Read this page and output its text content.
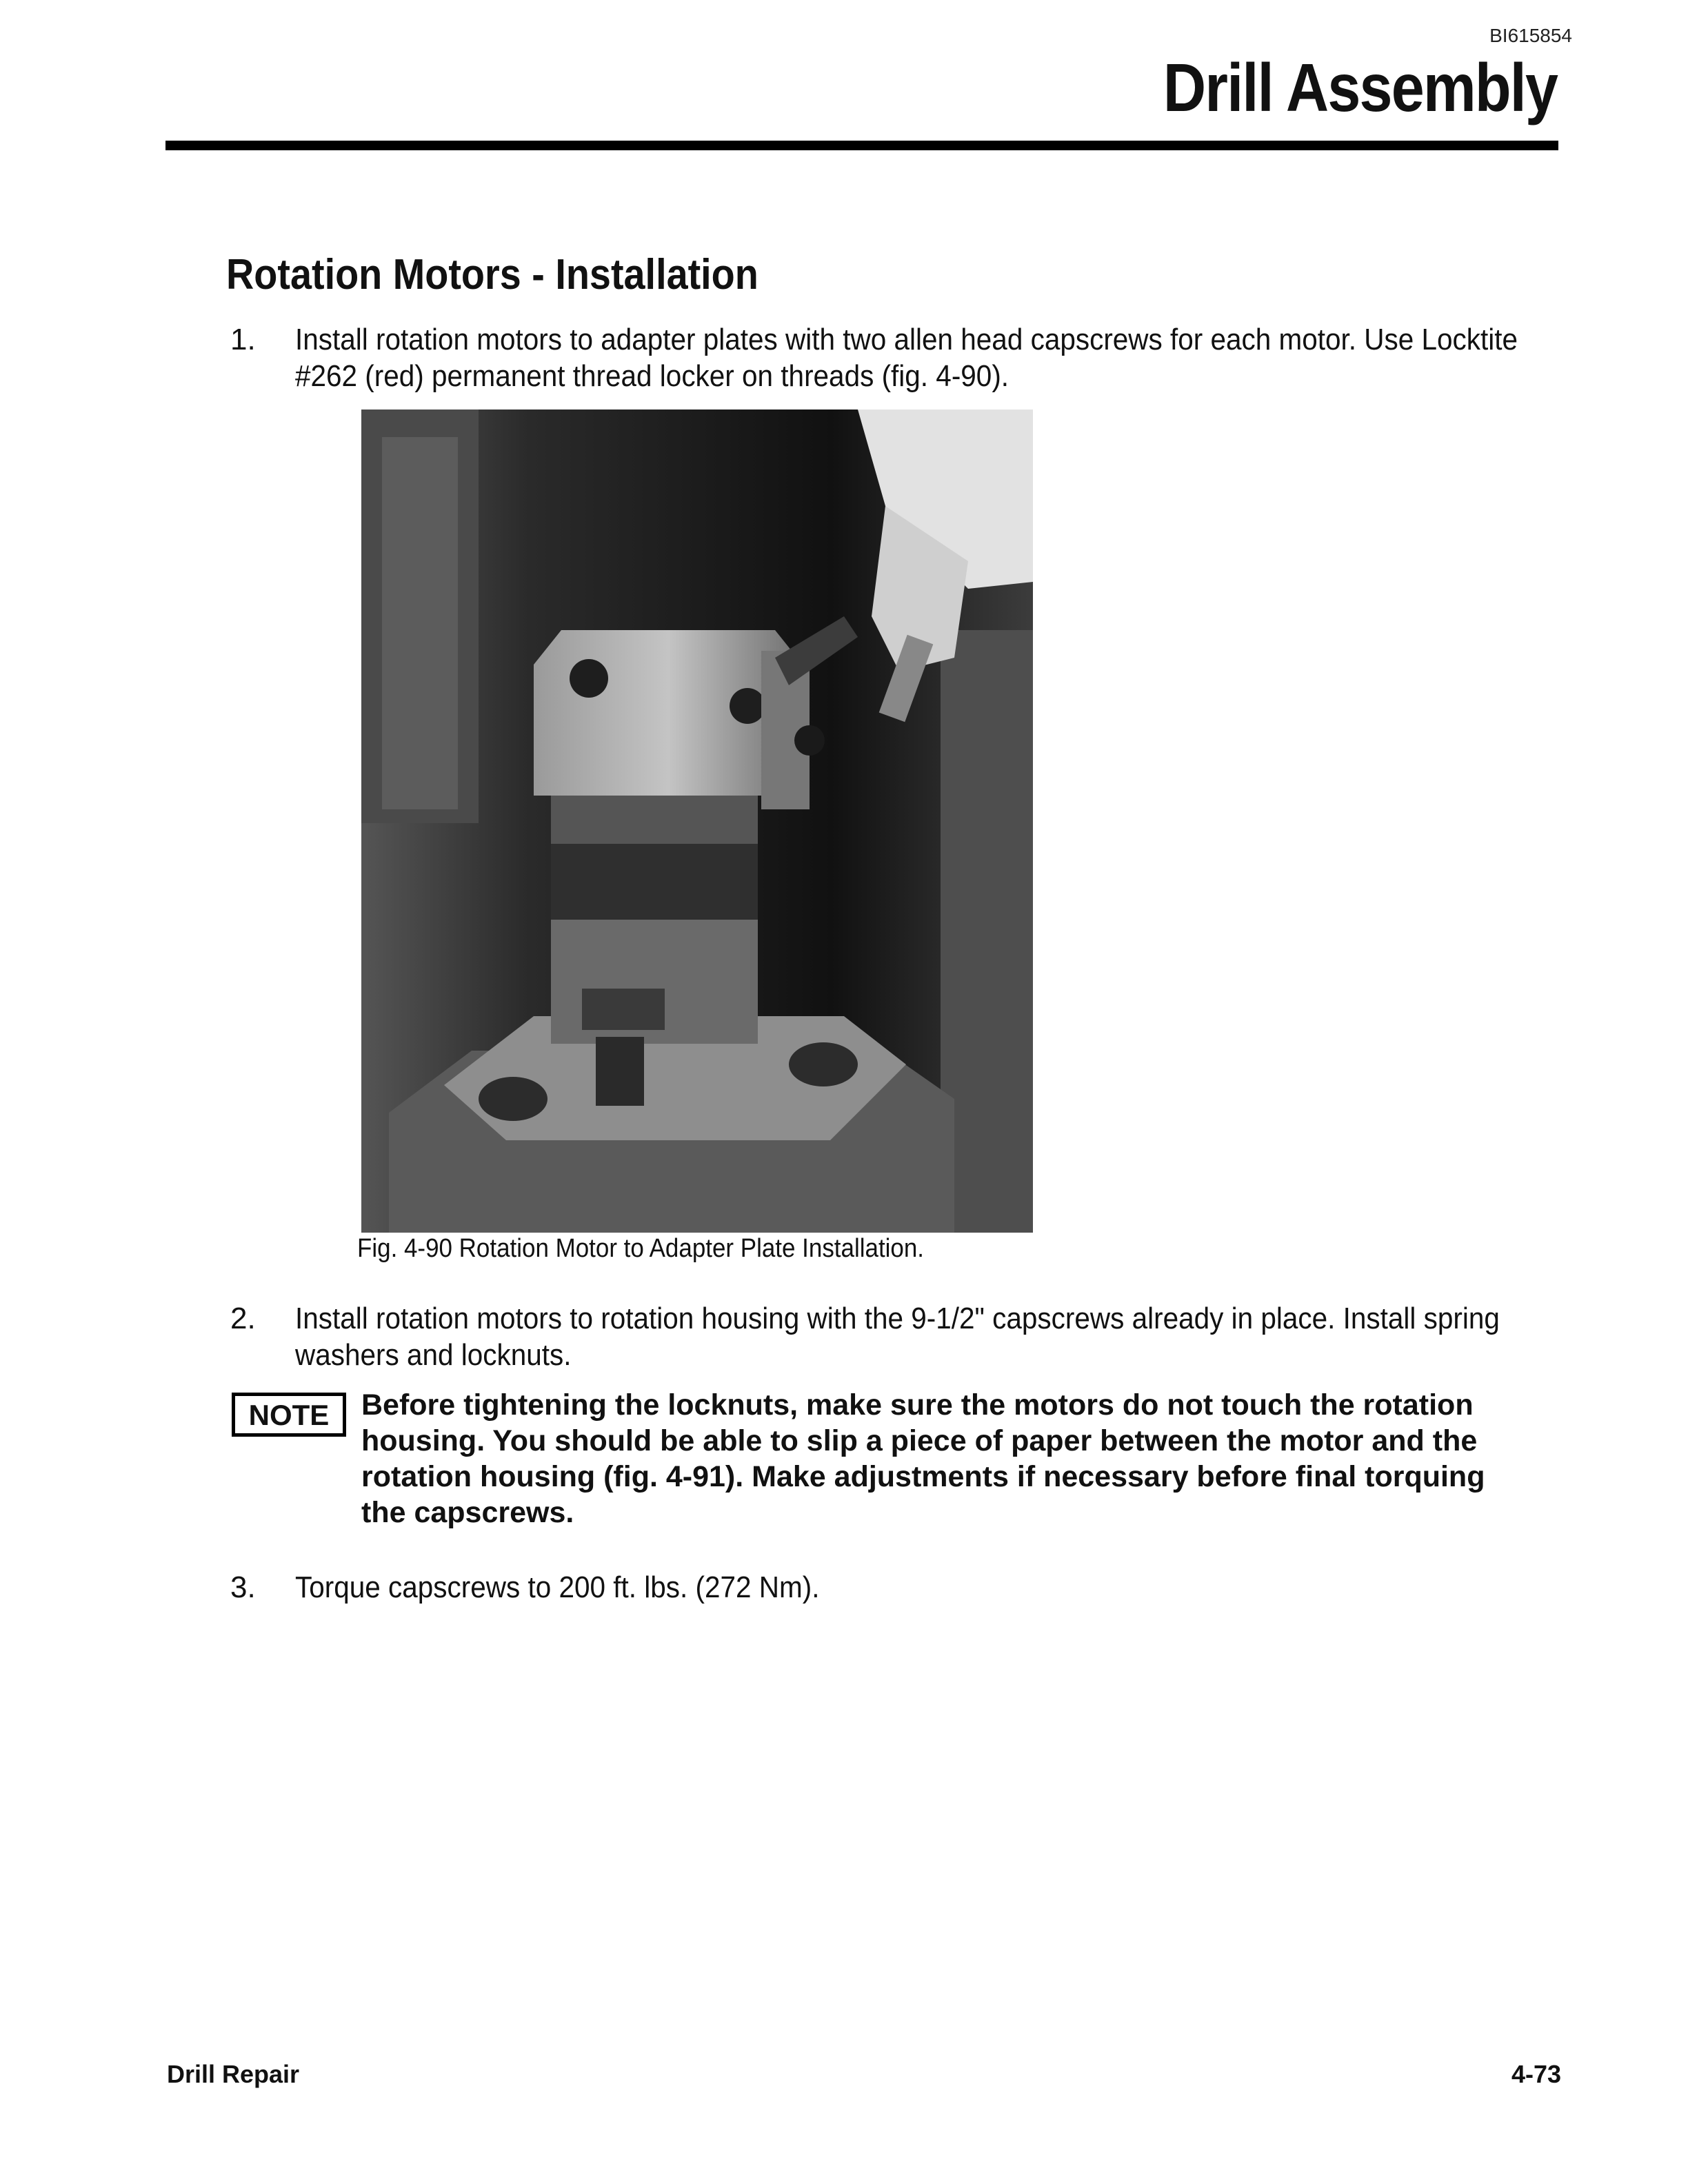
BI615854
Drill Assembly
Rotation Motors - Installation
1. Install rotation motors to adapter plates with two allen head capscrews for each motor. Use Locktite #262 (red) permanent thread locker on threads (fig. 4-90).
Fig. 4-90 Rotation Motor to Adapter Plate Installation.
2. Install rotation motors to rotation housing with the 9-1/2" capscrews already in place. Install spring washers and locknuts.
NOTE	Before tightening the locknuts, make sure the motors do not touch the rotation housing. You should be able to slip a piece of paper between the motor and the rotation housing (fig. 4-91). Make adjustments if necessary before final torquing the capscrews.
3. Torque capscrews to 200 ft. lbs. (272 Nm).
Drill Repair	4-73
